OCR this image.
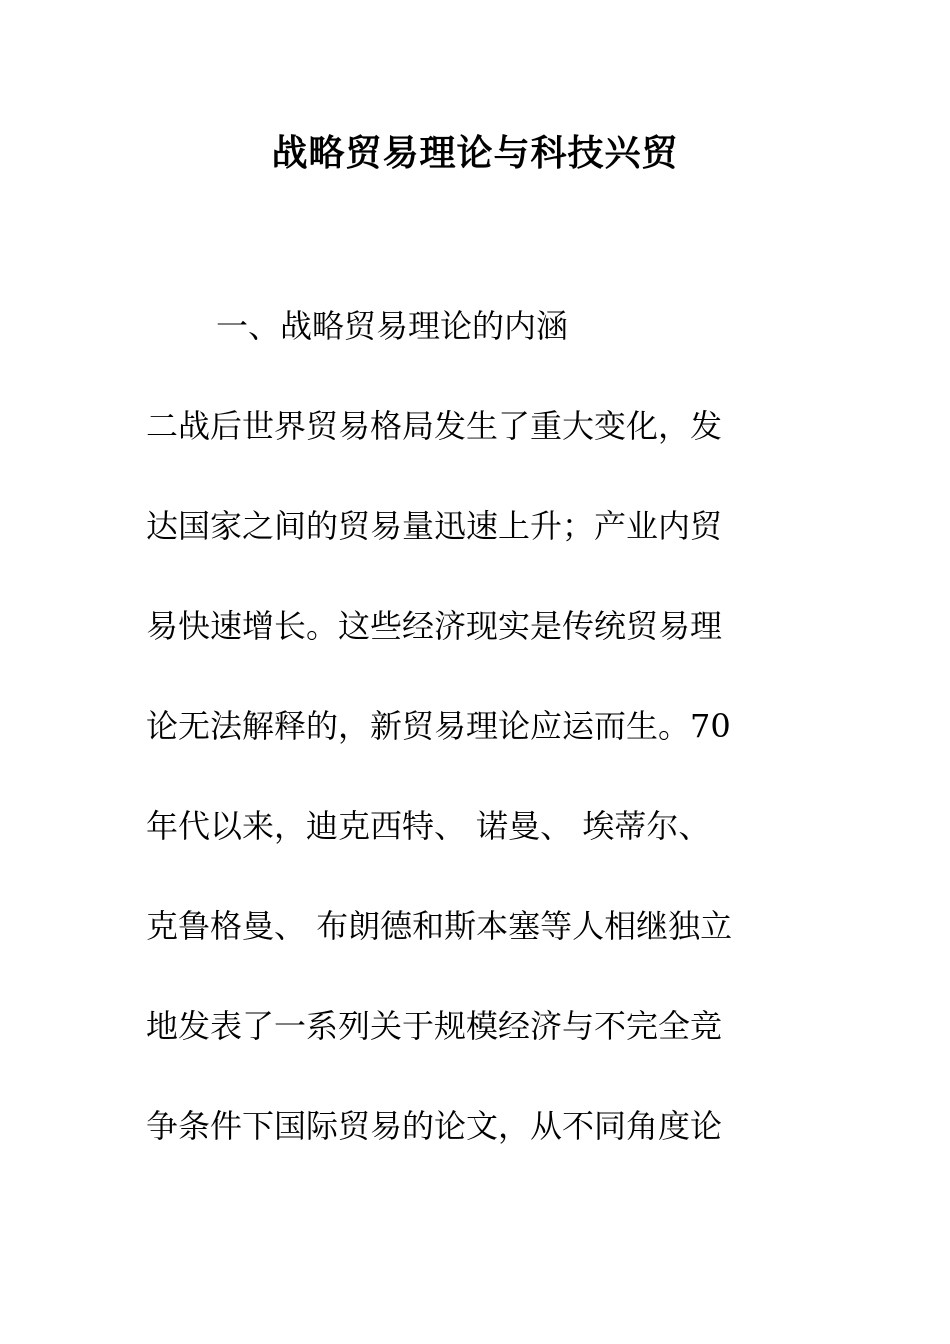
战略贸易理论与科技兴贸
一、战略贸易理论的内涵
二战后世界贸易格局发生了重大变化，发
达国家之间的贸易量迅速上升；产业内贸
易快速增长。这些经济现实是传统贸易理
论无法解释的，新贸易理论应运而生。70
年代以来，迪克西特、 诺曼、 埃蒂尔、
克鲁格曼、 布朗德和斯本塞等人相继独立
地发表了一系列关于规模经济与不完全竞
争条件下国际贸易的论文，从不同角度论
